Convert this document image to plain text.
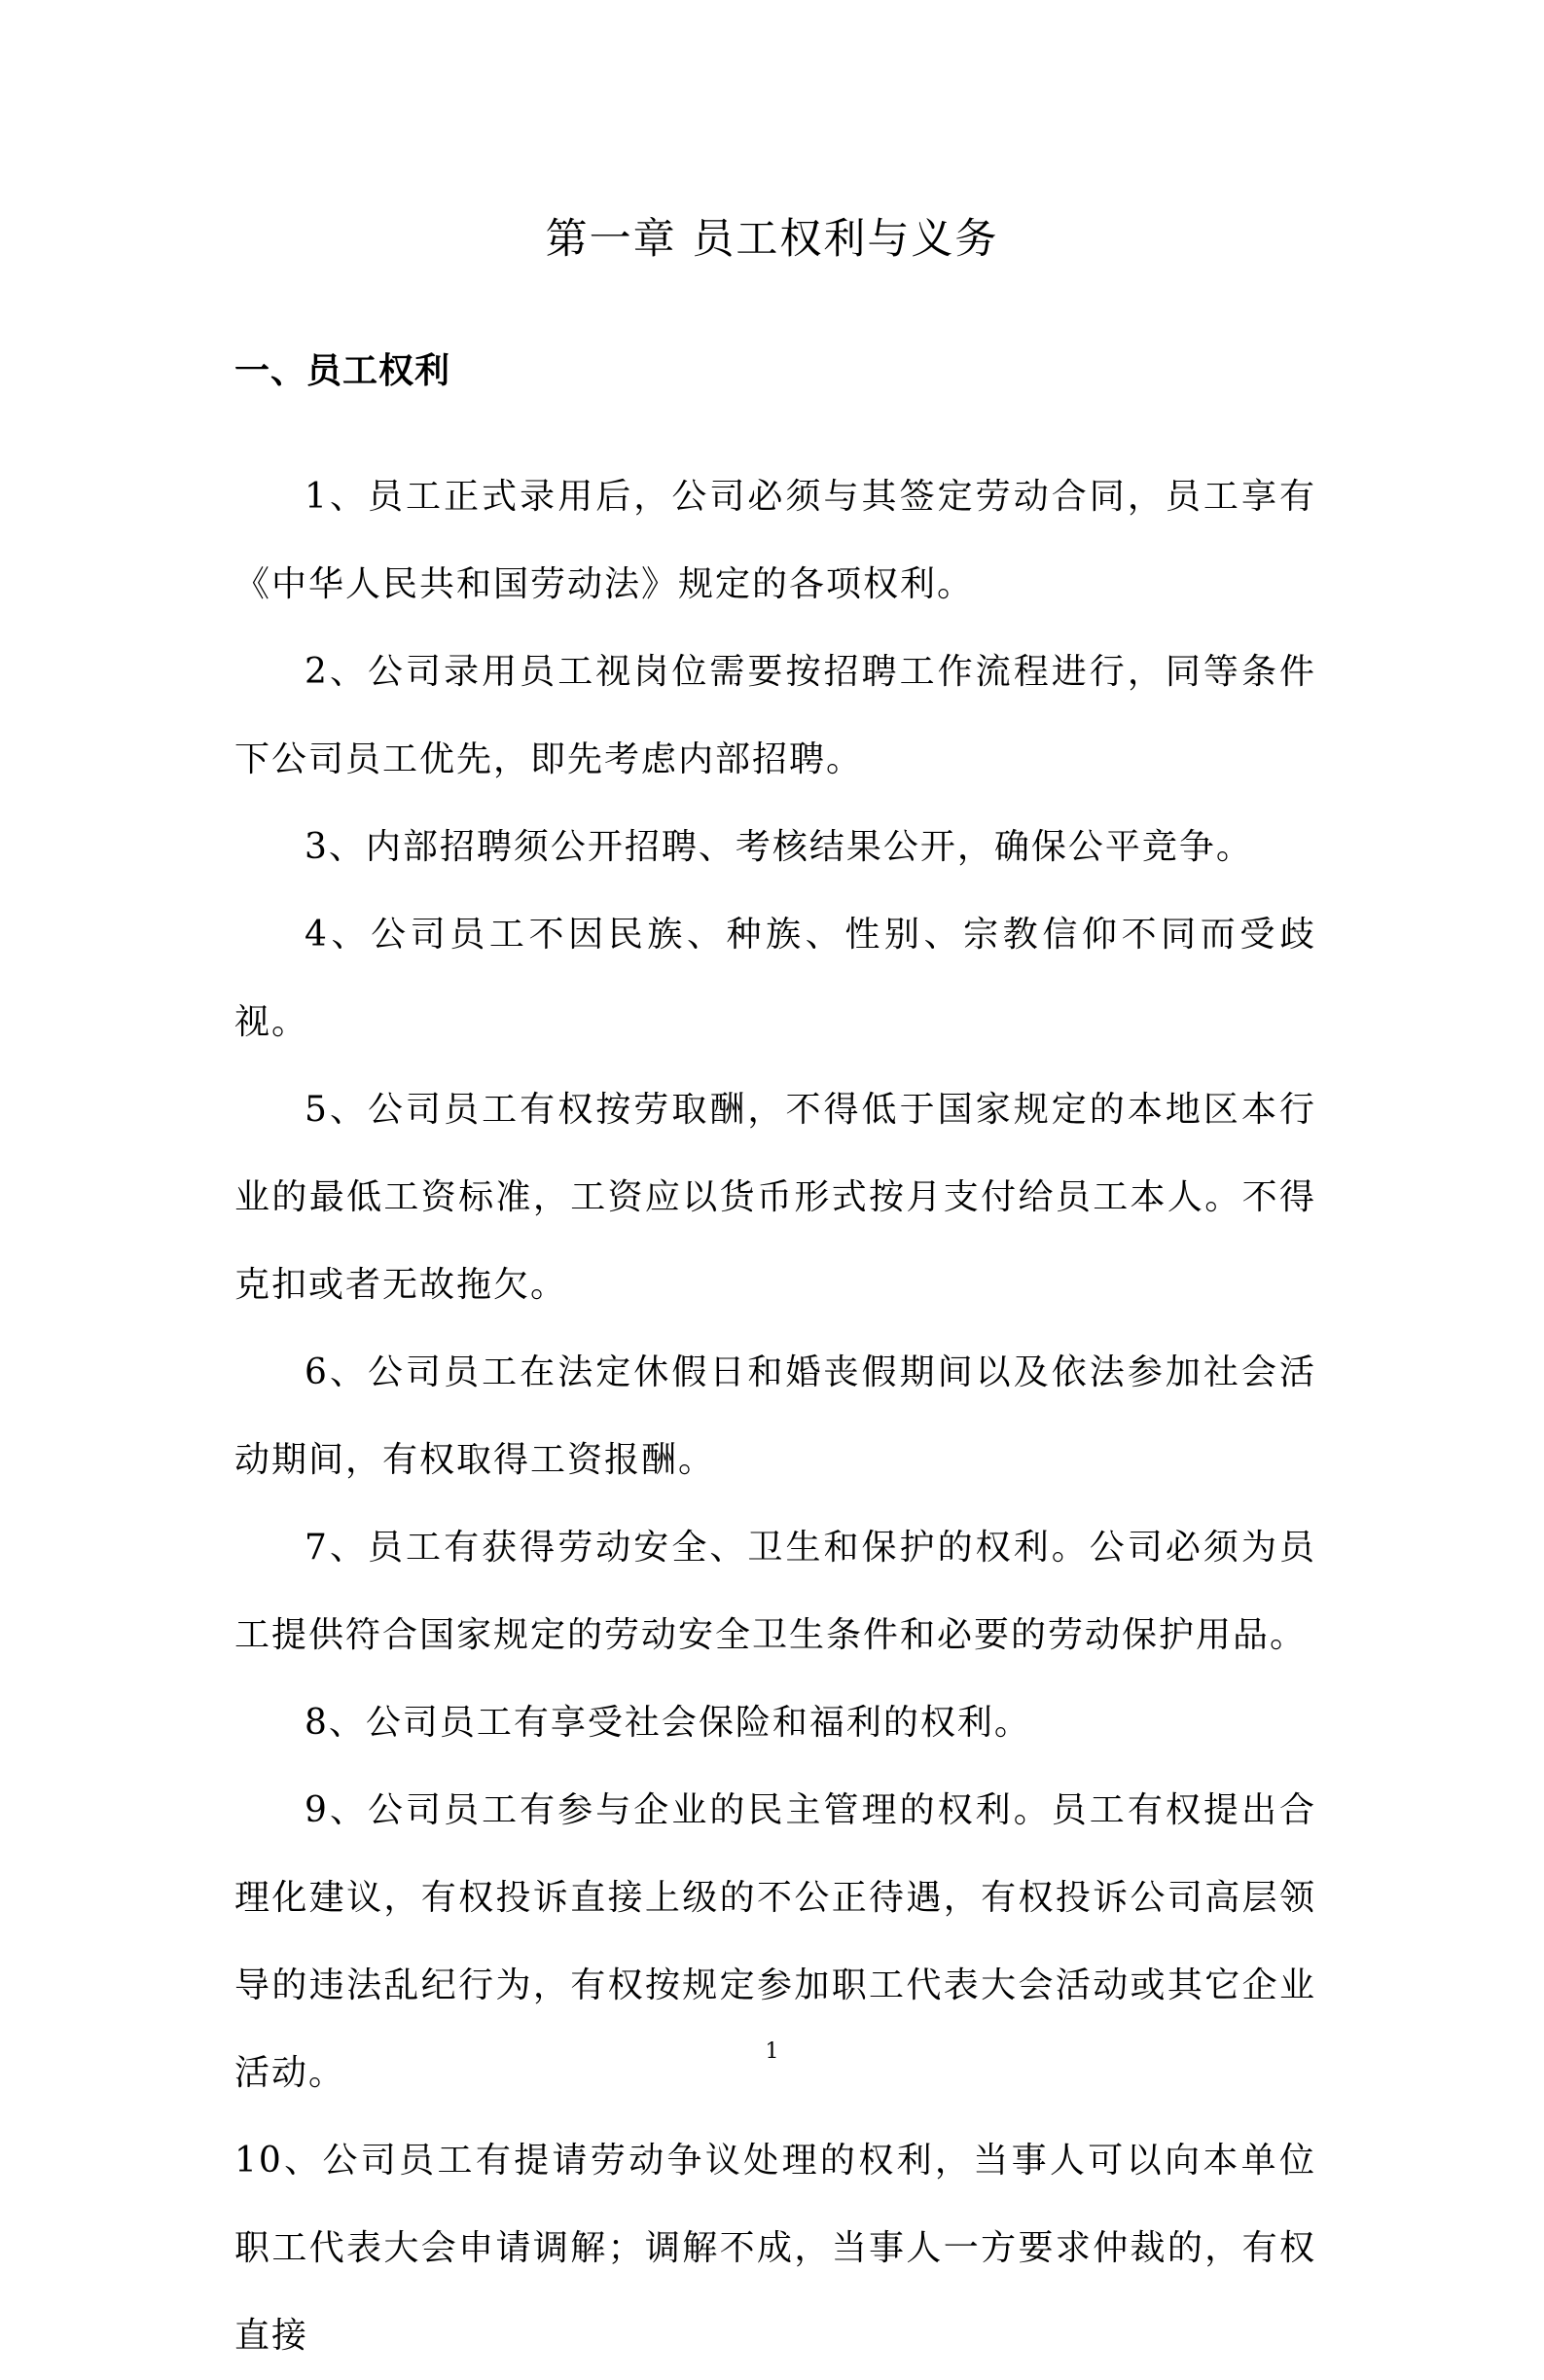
第一章 员工权利与义务
一、员工权利

1、员工正式录用后，公司必须与其签定劳动合同，员工享有《中华人民共和国劳动法》规定的各项权利。

2、公司录用员工视岗位需要按招聘工作流程进行，同等条件下公司员工优先，即先考虑内部招聘。

3、内部招聘须公开招聘、考核结果公开，确保公平竞争。

4、公司员工不因民族、种族、性别、宗教信仰不同而受歧视。

5、公司员工有权按劳取酬，不得低于国家规定的本地区本行业的最低工资标准，工资应以货币形式按月支付给员工本人。不得克扣或者无故拖欠。

6、公司员工在法定休假日和婚丧假期间以及依法参加社会活动期间，有权取得工资报酬。

7、员工有获得劳动安全、卫生和保护的权利。公司必须为员工提供符合国家规定的劳动安全卫生条件和必要的劳动保护用品。

8、公司员工有享受社会保险和福利的权利。

9、公司员工有参与企业的民主管理的权利。员工有权提出合理化建议，有权投诉直接上级的不公正待遇，有权投诉公司高层领导的违法乱纪行为，有权按规定参加职工代表大会活动或其它企业活动。

10、公司员工有提请劳动争议处理的权利，当事人可以向本单位职工代表大会申请调解；调解不成，当事人一方要求仲裁的，有权直接

1
